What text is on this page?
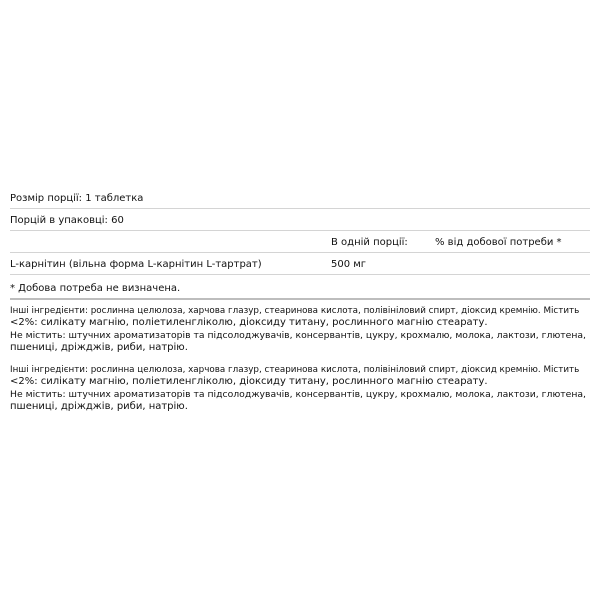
Розмір порції: 1 таблетка
Порцій в упаковці: 60
В одній порції:	% від добової потреби *
L-карнітин (вільна форма L-карнітин L-тартрат)	500 мг
* Добова потреба не визначена.
Інші інгредієнти: рослинна целюлоза, харчова глазур, стеаринова кислота, полівініловий спирт, діоксид кремнію. Містить
<2%: силікату магнію, поліетиленгліколю, діоксиду титану, рослинного магнію стеарату.
Не містить: штучних ароматизаторів та підсолоджувачів, консервантів, цукру, крохмалю, молока, лактози, глютена,
пшениці, дріжджів, риби, натрію.
Інші інгредієнти: рослинна целюлоза, харчова глазур, стеаринова кислота, полівініловий спирт, діоксид кремнію. Містить
<2%: силікату магнію, поліетиленгліколю, діоксиду титану, рослинного магнію стеарату.
Не містить: штучних ароматизаторів та підсолоджувачів, консервантів, цукру, крохмалю, молока, лактози, глютена,
пшениці, дріжджів, риби, натрію.
